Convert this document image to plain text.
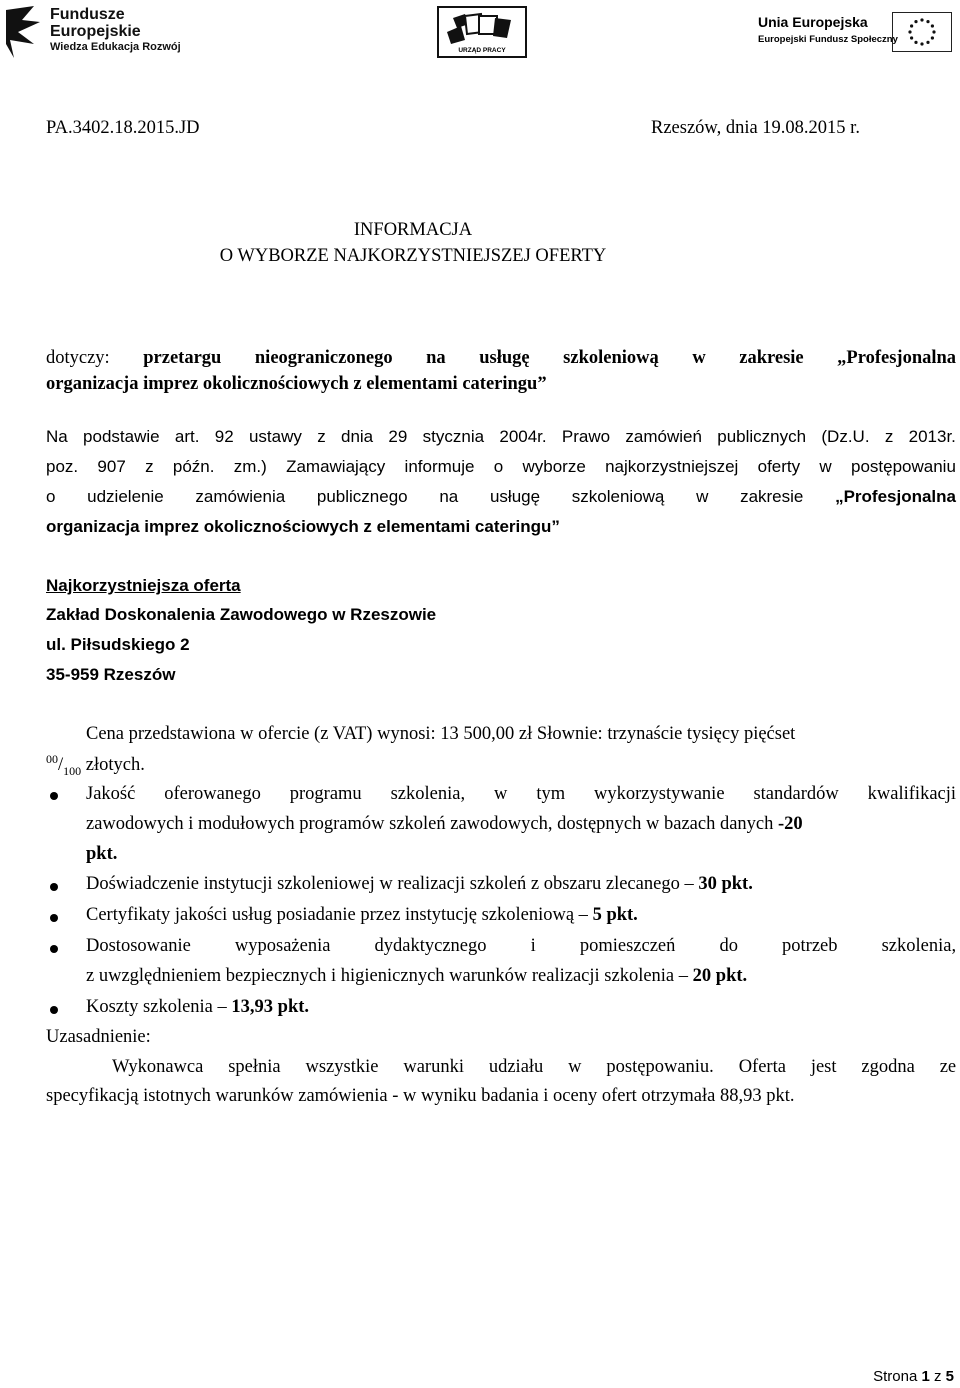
Fundusze
Europejskie
Wiedza Edukacja Rozwój	URZĄD PRACY
Unia Europejska
Europejski Fundusz Społeczny
PA.3402.18.2015.JD	Rzeszów, dnia 19.08.2015 r.
INFORMACJA
O WYBORZE NAJKORZYSTNIEJSZEJ OFERTY
dotyczy: przetargu nieograniczonego na usługę szkoleniową w zakresie „Profesjonalna
organizacja imprez okolicznościowych z elementami cateringu”
Na podstawie art. 92 ustawy z dnia 29 stycznia 2004r. Prawo zamówień publicznych (Dz.U. z 2013r.
poz. 907 z późn. zm.) Zamawiający informuje o wyborze najkorzystniejszej oferty w postępowaniu
o udzielenie zamówienia publicznego na usługę szkoleniową w zakresie „Profesjonalna
organizacja imprez okolicznościowych z elementami cateringu”
Najkorzystniejsza oferta
Zakład Doskonalenia Zawodowego w Rzeszowie
ul. Piłsudskiego 2
35-959 Rzeszów
Cena przedstawiona w ofercie (z VAT) wynosi: 13 500,00 zł Słownie: trzynaście tysięcy pięćset
$^{00}/_{100}$ złotych.
Jakość oferowanego programu szkolenia, w tym wykorzystywanie standardów kwalifikacji
zawodowych i modułowych programów szkoleń zawodowych, dostępnych w bazach danych -20
pkt.
Doświadczenie instytucji szkoleniowej w realizacji szkoleń z obszaru zlecanego – 30 pkt.
Certyfikaty jakości usług posiadanie przez instytucję szkoleniową – 5 pkt.
Dostosowanie wyposażenia dydaktycznego i pomieszczeń do potrzeb szkolenia,
z uwzględnieniem bezpiecznych i higienicznych warunków realizacji szkolenia – 20 pkt.
Koszty szkolenia – 13,93 pkt.
Uzasadnienie:
Wykonawca spełnia wszystkie warunki udziału w postępowaniu. Oferta jest zgodna ze
specyfikacją istotnych warunków zamówienia - w wyniku badania i oceny ofert otrzymała 88,93 pkt.
Strona 1 z 5
